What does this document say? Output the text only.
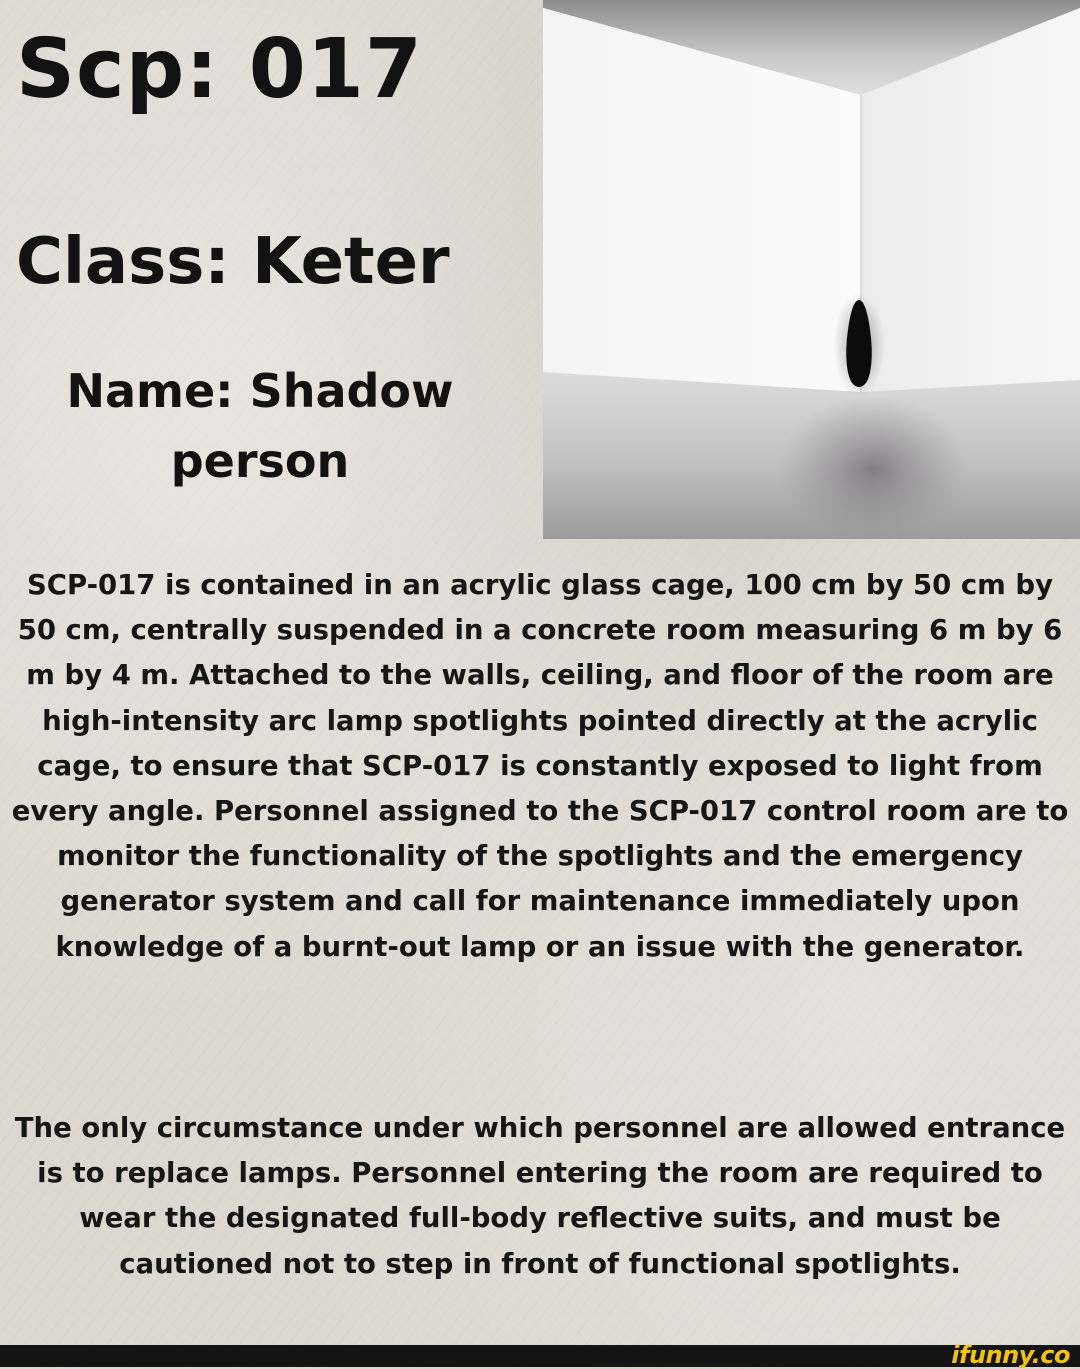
Scp: 017
Class: Keter
Name: Shadow person

SCP-017 is contained in an acrylic glass cage, 100 cm by 50 cm by 50 cm, centrally suspended in a concrete room measuring 6 m by 6 m by 4 m. Attached to the walls, ceiling, and floor of the room are high-intensity arc lamp spotlights pointed directly at the acrylic cage, to ensure that SCP-017 is constantly exposed to light from every angle. Personnel assigned to the SCP-017 control room are to monitor the functionality of the spotlights and the emergency generator system and call for maintenance immediately upon knowledge of a burnt-out lamp or an issue with the generator.

The only circumstance under which personnel are allowed entrance is to replace lamps. Personnel entering the room are required to wear the designated full-body reflective suits, and must be cautioned not to step in front of functional spotlights.

ifunny.co
